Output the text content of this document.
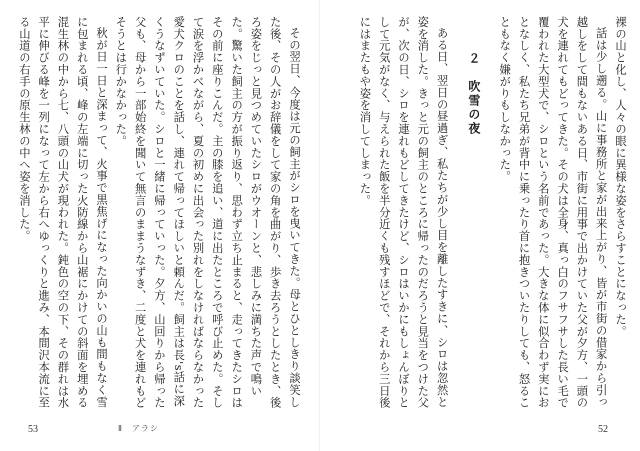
その翌日、今度は元の飼主がシロを曳いてきた。母とひとしきり談笑した後、その人がお辞儀をして家の角を曲がり、歩き去ろうとしたとき、後ろ姿をじっと見つめていたシロがウオーンと、悲しみに満ちた声で鳴いた。驚いた飼主の方が振り返り、思わず立ち止まると、走ってきたシロはその前に座りこんだ。主の膝を追い、道に出たところで呼び止めた。そして涙を浮かべながら、夏の初めに出会った別れをしなければならなかった愛犬クロのことを話し、連れて帰ってほしいと頼んだ。飼主は長's話に深くうなずいていた。シロと一緒に帰っていった。夕方、山回りから帰った父も、母から一部始終を聞いて無言のままうなずき、二度と犬を連れもどそうとは行かなかった。
秋が日一日と深まって、火事で黒焦げになった向かいの山も間もなく雪に包まれる頃、峰の左端に切った火防線から山裾にかけての斜面を埋める混生林の中から七、八頭の山犬が現われた。鈍色の空の下、その群れは水平に伸びる峰を一列になって左から右へゆっくりと進み、本間沢本流に至る山道の右手の原生林の中へ姿を消した。
53	Ⅱ　アラシ
裸の山と化し、人々の眼に異様な姿をさらすことになった。
話は少し遡る。山に事務所と家が出来上がり、皆が市街の借家から引っ越しをして間もないある日、市街に用事で出かけていた父が夕方、一頭の犬を連れてもどってきた。その犬は全身、真っ白のフサフサした長い毛で覆われた大型犬で、シロという名前であった。大きな体に似合わず実におとなしく、私たち兄弟が背中に乗ったり首に抱きついたりしても、怒ることもなく嫌がりもしなかった。
２　吹雪の夜
ある日、翌日の昼過ぎ、私たちが少し目を離したすきに、シロは忽然と姿を消した。きっと元の飼主のところに帰ったのだろうと見当をつけた父が、次の日、シロを連れもどしてきたけど、シロはいかにもしょんぼりとして元気がなく、与えられた飯を半分近くも残すほどで、それから三日後にはまたもや姿を消してしまった。
52
